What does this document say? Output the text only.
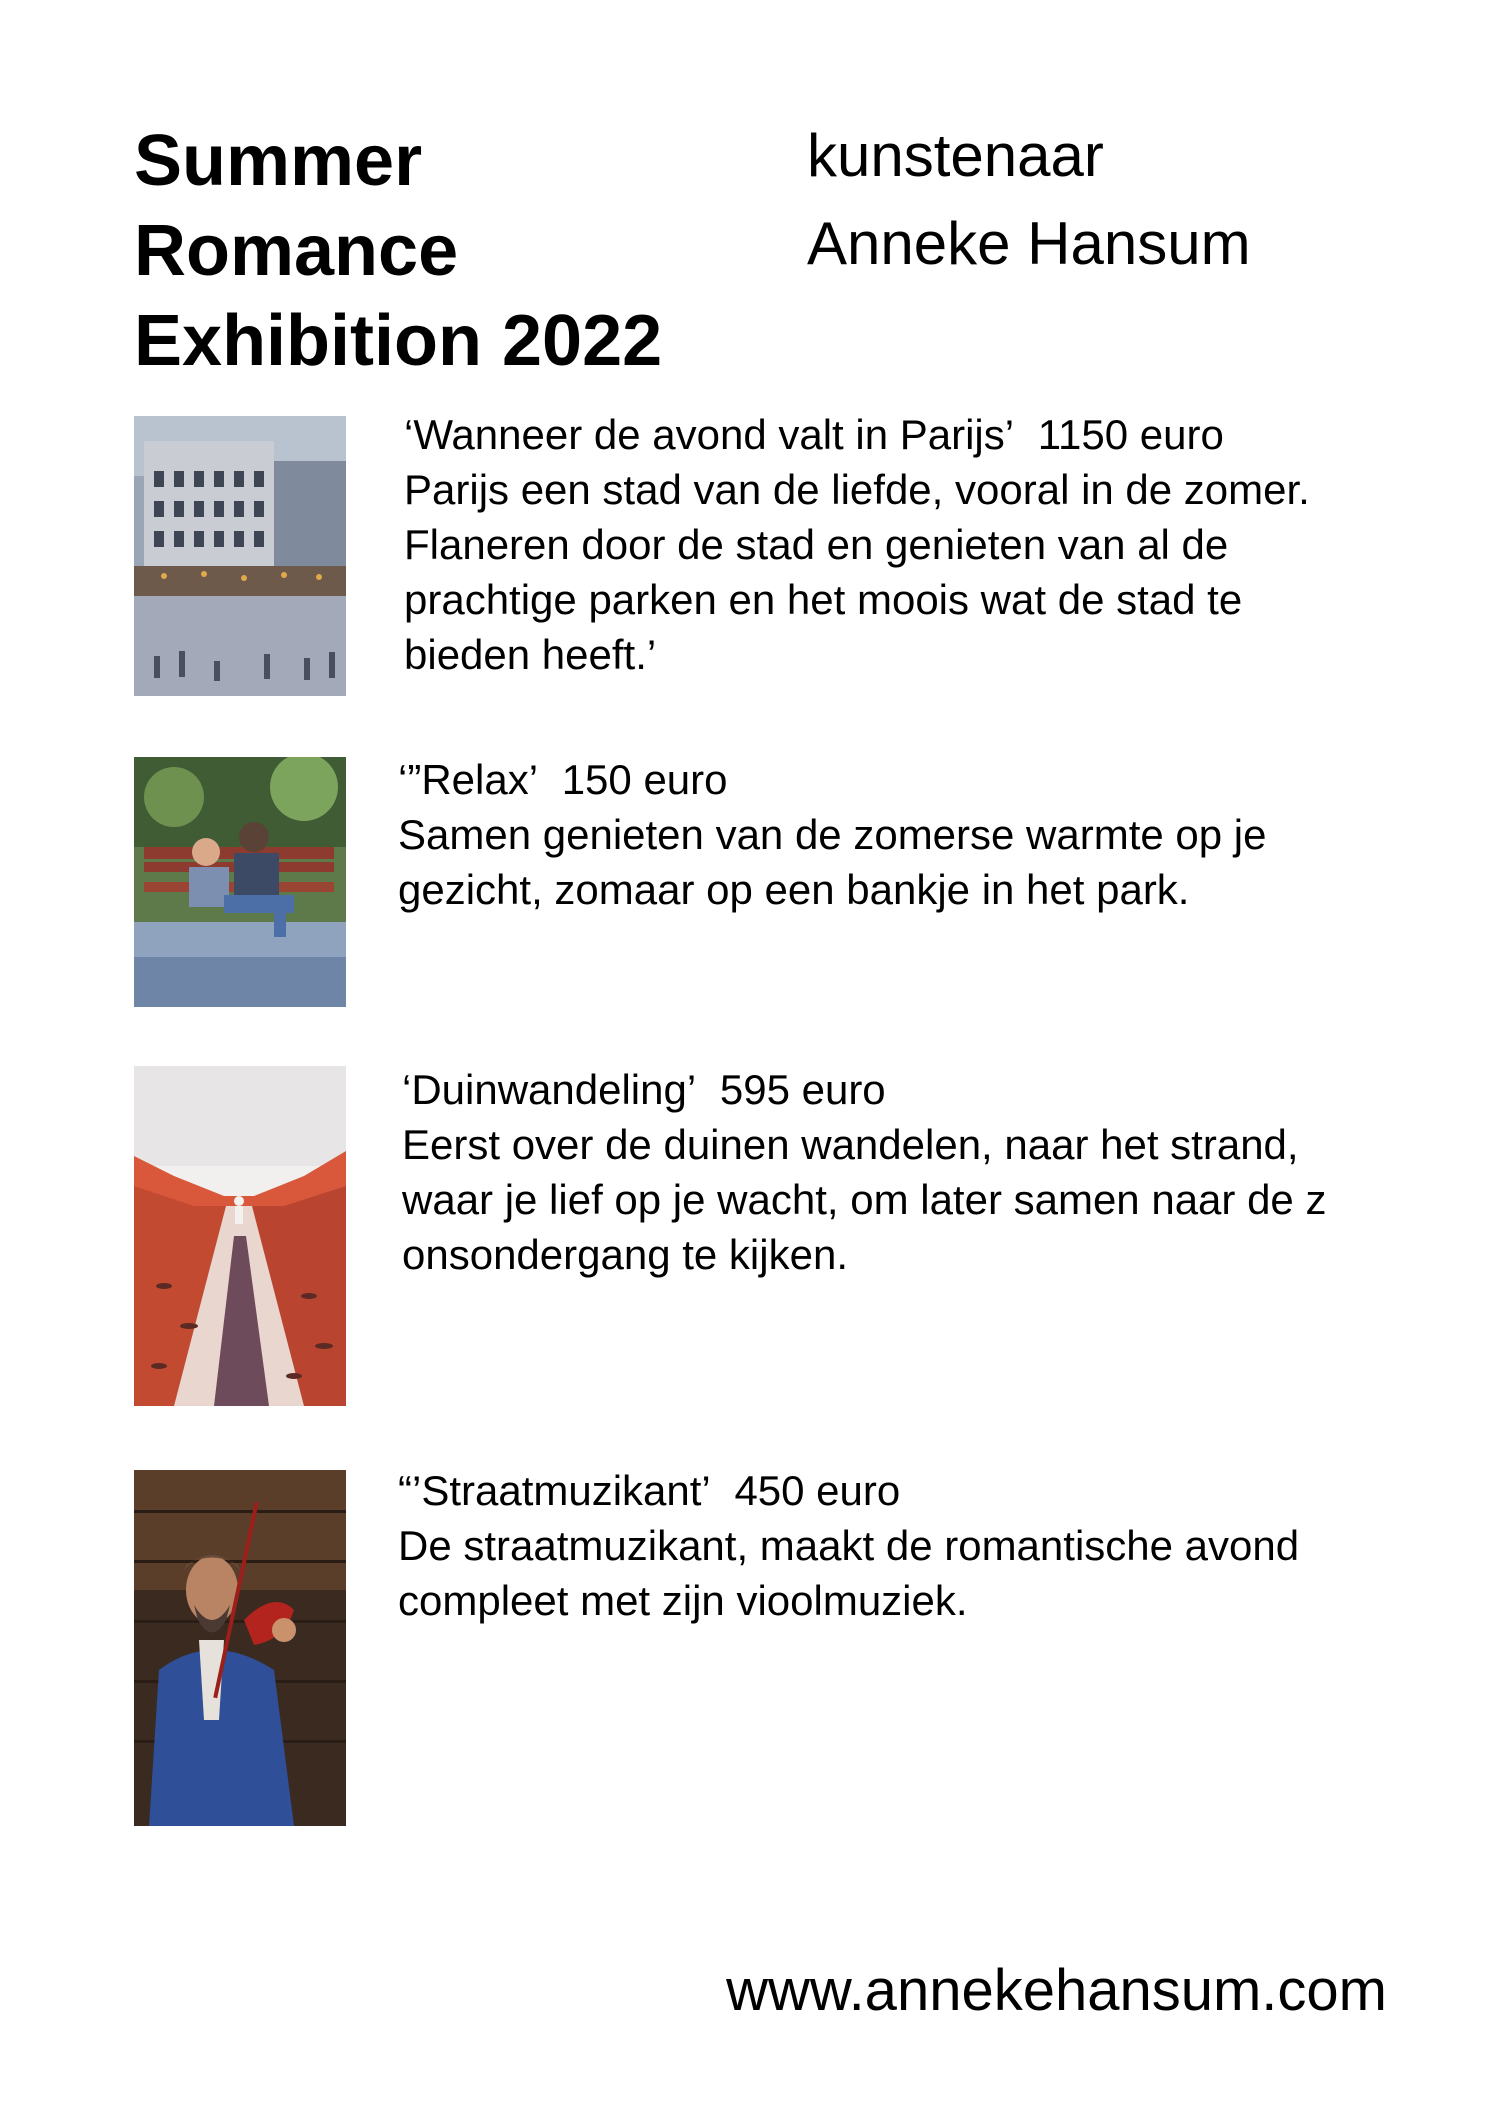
Summer
Romance
Exhibition 2022
kunstenaar
Anneke Hansum
‘Wanneer de avond valt in Parijs’ 1150 euro
Parijs een stad van de liefde, vooral in de zomer.
Flaneren door de stad en genieten van al de
prachtige parken en het moois wat de stad te
bieden heeft.’
‘”Relax’ 150 euro
Samen genieten van de zomerse warmte op je
gezicht, zomaar op een bankje in het park.
‘Duinwandeling’ 595 euro
Eerst over de duinen wandelen, naar het strand,
waar je lief op je wacht, om later samen naar de z
onsondergang te kijken.
“’Straatmuzikant’ 450 euro
De straatmuzikant, maakt de romantische avond
compleet met zijn vioolmuziek.
www.annekehansum.com
